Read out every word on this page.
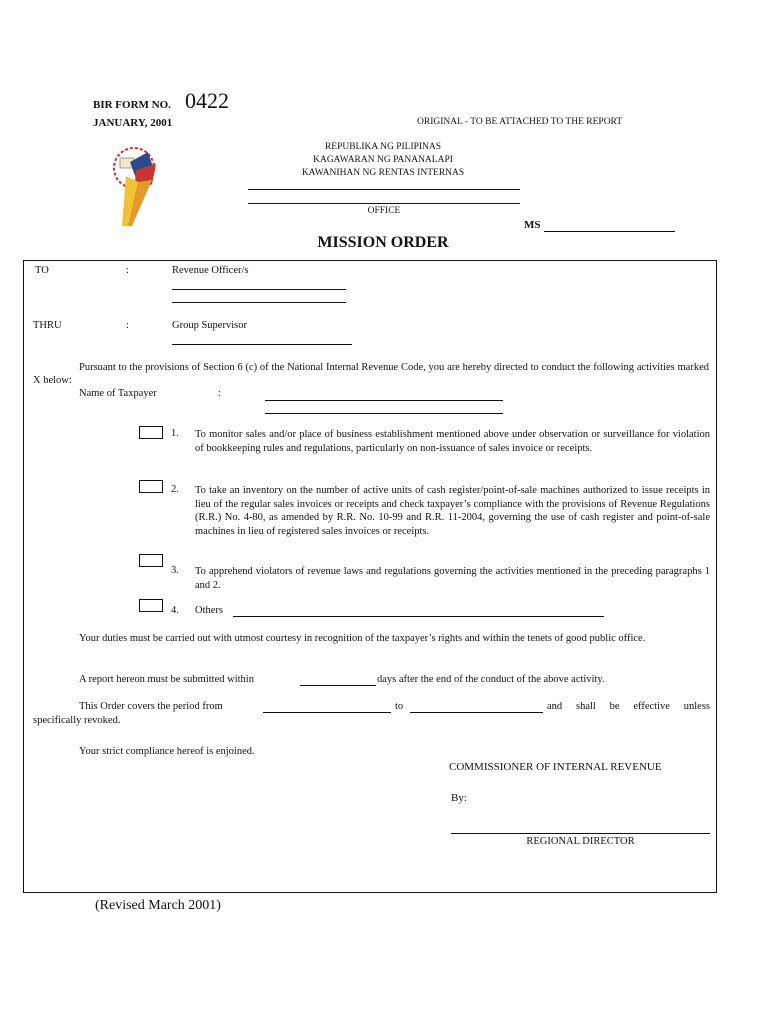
BIR FORM NO. 0422
JANUARY, 2001	ORIGINAL - TO BE ATTACHED TO THE REPORT
REPUBLIKA NG PILIPINAS
KAGAWARAN NG PANANALAPI
KAWANIHAN NG RENTAS INTERNAS
OFFICE
MS
MISSION ORDER
TO	:	Revenue Officer/s
THRU	:	Group Supervisor
Pursuant to the provisions of Section 6 (c) of the National Internal Revenue Code, you are hereby directed to conduct the following activities marked X below:
Name of Taxpayer	:
1. To monitor sales and/or place of business establishment mentioned above under observation or surveillance for violation of bookkeeping rules and regulations, particularly on non-issuance of sales invoice or receipts.
2. To take an inventory on the number of active units of cash register/point-of-sale machines authorized to issue receipts in lieu of the regular sales invoices or receipts and check taxpayer’s compliance with the provisions of Revenue Regulations (R.R.) No. 4-80, as amended by R.R. No. 10-99 and R.R. 11-2004, governing the use of cash register and point-of-sale machines in lieu of registered sales invoices or receipts.
3. To apprehend violators of revenue laws and regulations governing the activities mentioned in the preceding paragraphs 1 and 2.
4. Others
Your duties must be carried out with utmost courtesy in recognition of the taxpayer’s rights and within the tenets of good public office.
A report hereon must be submitted within	days after the end of the conduct of the above activity.
This Order covers the period from	to	and shall be effective unless
specifically revoked.
Your strict compliance hereof is enjoined.
COMMISSIONER OF INTERNAL REVENUE
By:
REGIONAL DIRECTOR
(Revised March 2001)
